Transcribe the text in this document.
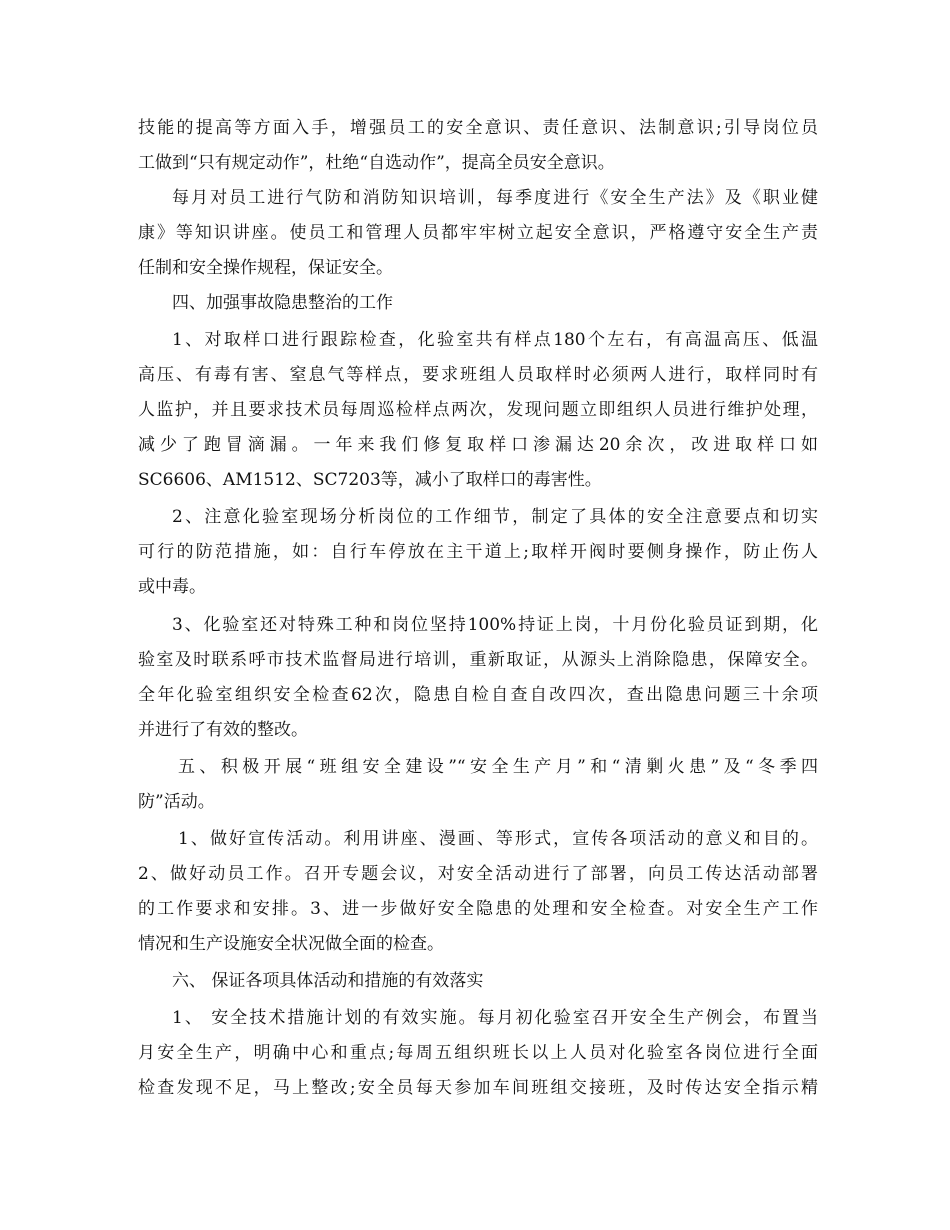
技能的提高等方面入手，增强员工的安全意识、责任意识、法制意识;引导岗位员
工做到“只有规定动作”，杜绝“自选动作”，提高全员安全意识。
每月对员工进行气防和消防知识培训，每季度进行《安全生产法》及《职业健
康》等知识讲座。使员工和管理人员都牢牢树立起安全意识，严格遵守安全生产责
任制和安全操作规程，保证安全。
四、加强事故隐患整治的工作
1、对取样口进行跟踪检查，化验室共有样点180个左右，有高温高压、低温
高压、有毒有害、窒息气等样点，要求班组人员取样时必须两人进行，取样同时有
人监护，并且要求技术员每周巡检样点两次，发现问题立即组织人员进行维护处理，
减少了跑冒滴漏。一年来我们修复取样口渗漏达20余次，改进取样口如
SC6606、AM1512、SC7203等，减小了取样口的毒害性。
2、注意化验室现场分析岗位的工作细节，制定了具体的安全注意要点和切实
可行的防范措施，如：自行车停放在主干道上;取样开阀时要侧身操作，防止伤人
或中毒。
3、化验室还对特殊工种和岗位坚持100%持证上岗，十月份化验员证到期，化
验室及时联系呼市技术监督局进行培训，重新取证，从源头上消除隐患，保障安全。
全年化验室组织安全检查62次，隐患自检自查自改四次，查出隐患问题三十余项
并进行了有效的整改。
五、积极开展“班组安全建设”“安全生产月”和“清剿火患”及“冬季四
防”活动。
1、做好宣传活动。利用讲座、漫画、等形式，宣传各项活动的意义和目的。
2、做好动员工作。召开专题会议，对安全活动进行了部署，向员工传达活动部署
的工作要求和安排。3、进一步做好安全隐患的处理和安全检查。对安全生产工作
情况和生产设施安全状况做全面的检查。
六、 保证各项具体活动和措施的有效落实
1、 安全技术措施计划的有效实施。每月初化验室召开安全生产例会，布置当
月安全生产，明确中心和重点;每周五组织班长以上人员对化验室各岗位进行全面
检查发现不足，马上整改;安全员每天参加车间班组交接班，及时传达安全指示精
